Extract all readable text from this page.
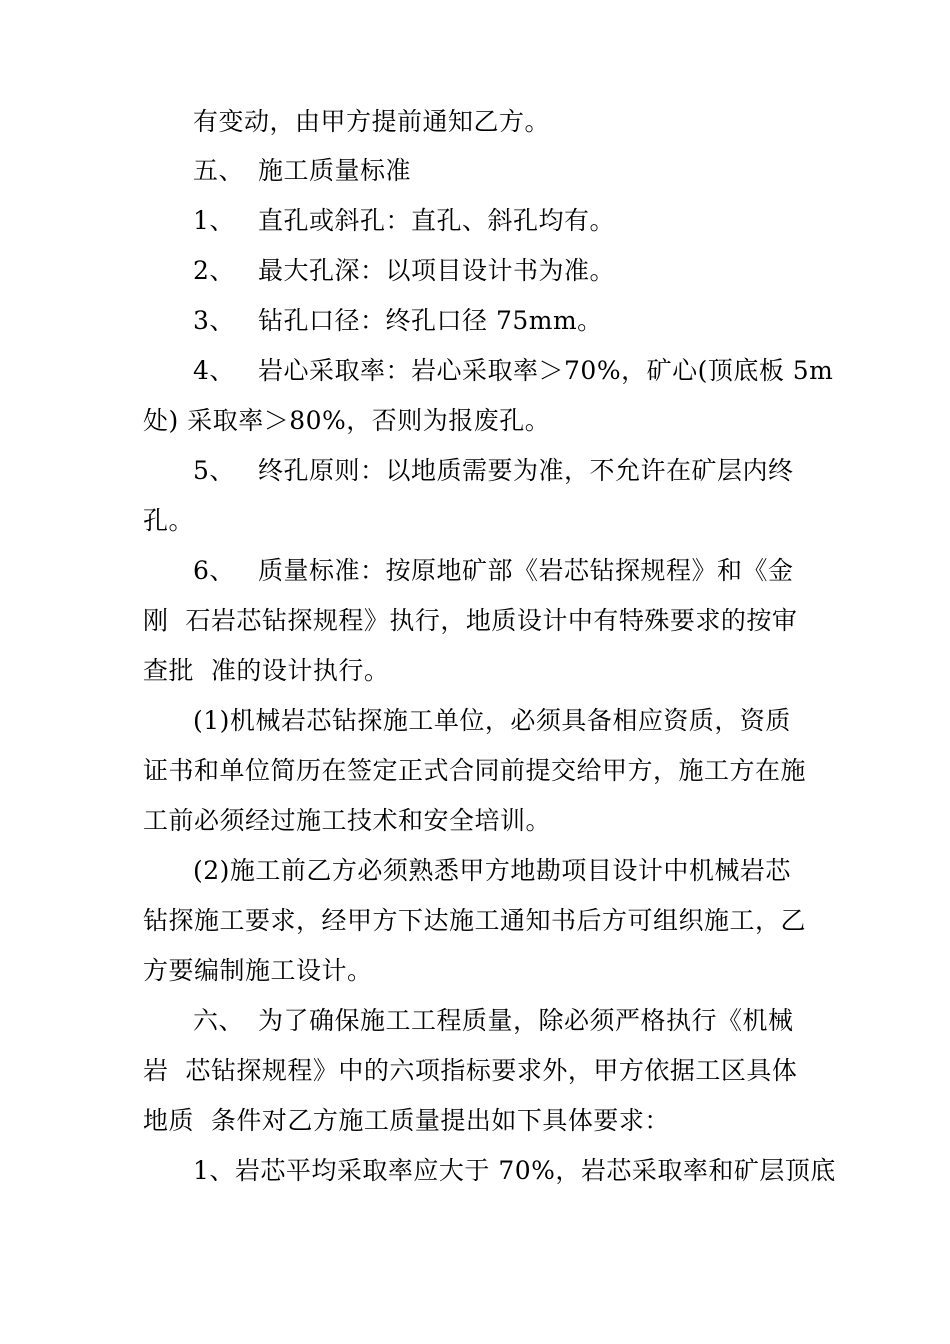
有变动，由甲方提前通知乙方。

五、

施工质量标准

1、

直孔或斜孔：直孔、斜孔均有。

2、

最大孔深：以项目设计书为准。

3、

钻孔口径：终孔口径 75mm。

4、

岩心采取率：岩心采取率＞70%，矿心(顶底板 5m

处) 采取率＞80%，否则为报废孔。

5、

终孔原则：以地质需要为准，不允许在矿层内终

孔。

6、

质量标准：按原地矿部《岩芯钻探规程》和《金

刚  石岩芯钻探规程》执行，地质设计中有特殊要求的按审

查批  准的设计执行。

(1)机械岩芯钻探施工单位，必须具备相应资质，资质

证书和单位简历在签定正式合同前提交给甲方，施工方在施

工前必须经过施工技术和安全培训。

(2)施工前乙方必须熟悉甲方地勘项目设计中机械岩芯

钻探施工要求，经甲方下达施工通知书后方可组织施工，乙

方要编制施工设计。

六、

为了确保施工工程质量，除必须严格执行《机械

岩  芯钻探规程》中的六项指标要求外，甲方依据工区具体

地质  条件对乙方施工质量提出如下具体要求：

1、岩芯平均采取率应大于 70%，岩芯采取率和矿层顶底
